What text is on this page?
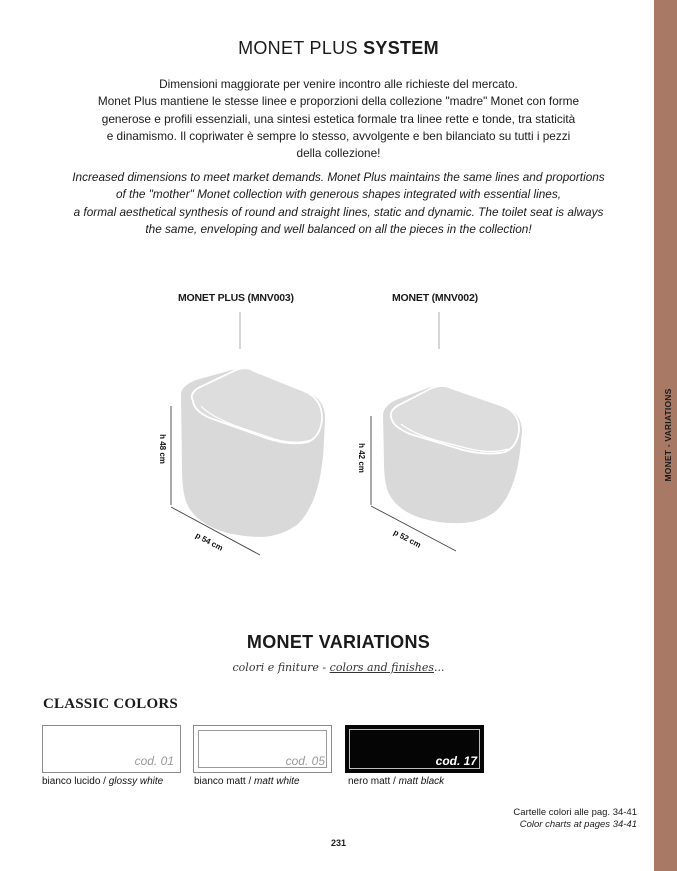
MONET - VARIATIONS
MONET PLUS SYSTEM
Dimensioni maggiorate per venire incontro alle richieste del mercato.
Monet Plus mantiene le stesse linee e proporzioni della collezione "madre" Monet con forme
generose e profili essenziali, una sintesi estetica formale tra linee rette e tonde, tra staticità
e dinamismo. Il copriwater è sempre lo stesso, avvolgente e ben bilanciato su tutti i pezzi
della collezione!
Increased dimensions to meet market demands. Monet Plus maintains the same lines and proportions
of the "mother" Monet collection with generous shapes integrated with essential lines,
a formal aesthetical synthesis of round and straight lines, static and dynamic. The toilet seat is always
the same, enveloping and well balanced on all the pieces in the collection!
MONET PLUS (MNV003)	MONET (MNV002)
h 48 cm
p 54 cm
h 42 cm
p 52 cm
MONET VARIATIONS
colori e finiture - colors and finishes...
CLASSIC COLORS
cod. 01	cod. 05	cod. 17
bianco lucido / glossy white	bianco matt / matt white	nero matt / matt black
Cartelle colori alle pag. 34-41
Color charts at pages 34-41
231
